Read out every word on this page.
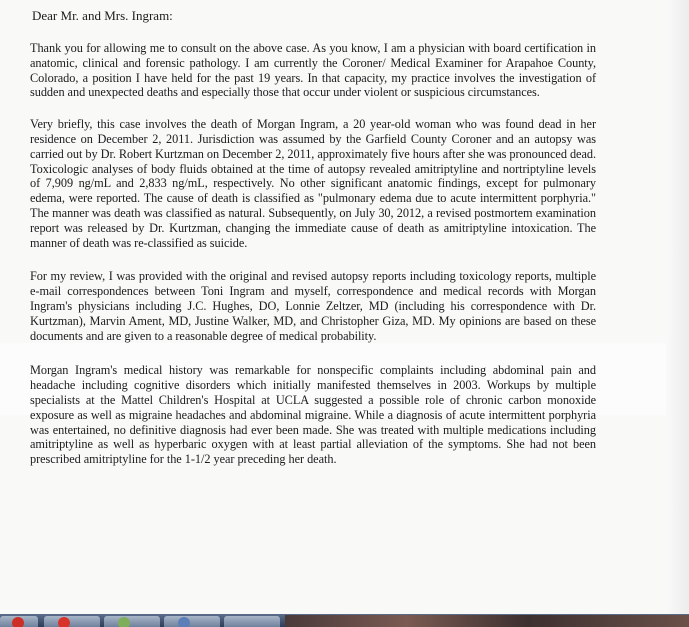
Dear Mr. and Mrs. Ingram:

Thank you for allowing me to consult on the above case. As you know, I am a physician with board certification in anatomic, clinical and forensic pathology. I am currently the Coroner/ Medical Examiner for Arapahoe County, Colorado, a position I have held for the past 19 years. In that capacity, my practice involves the investigation of sudden and unexpected deaths and especially those that occur under violent or suspicious circumstances.

Very briefly, this case involves the death of Morgan Ingram, a 20 year-old woman who was found dead in her residence on December 2, 2011. Jurisdiction was assumed by the Garfield County Coroner and an autopsy was carried out by Dr. Robert Kurtzman on December 2, 2011, approximately five hours after she was pronounced dead. Toxicologic analyses of body fluids obtained at the time of autopsy revealed amitriptyline and nortriptyline levels of 7,909 ng/mL and 2,833 ng/mL, respectively. No other significant anatomic findings, except for pulmonary edema, were reported. The cause of death is classified as "pulmonary edema due to acute intermittent porphyria." The manner was death was classified as natural. Subsequently, on July 30, 2012, a revised postmortem examination report was released by Dr. Kurtzman, changing the immediate cause of death as amitriptyline intoxication. The manner of death was re-classified as suicide.

For my review, I was provided with the original and revised autopsy reports including toxicology reports, multiple e-mail correspondences between Toni Ingram and myself, correspondence and medical records with Morgan Ingram's physicians including J.C. Hughes, DO, Lonnie Zeltzer, MD (including his correspondence with Dr. Kurtzman), Marvin Ament, MD, Justine Walker, MD, and Christopher Giza, MD. My opinions are based on these documents and are given to a reasonable degree of medical probability.

Morgan Ingram's medical history was remarkable for nonspecific complaints including abdominal pain and headache including cognitive disorders which initially manifested themselves in 2003. Workups by multiple specialists at the Mattel Children's Hospital at UCLA suggested a possible role of chronic carbon monoxide exposure as well as migraine headaches and abdominal migraine. While a diagnosis of acute intermittent porphyria was entertained, no definitive diagnosis had ever been made. She was treated with multiple medications including amitriptyline as well as hyperbaric oxygen with at least partial alleviation of the symptoms. She had not been prescribed amitriptyline for the 1-1/2 year preceding her death.
